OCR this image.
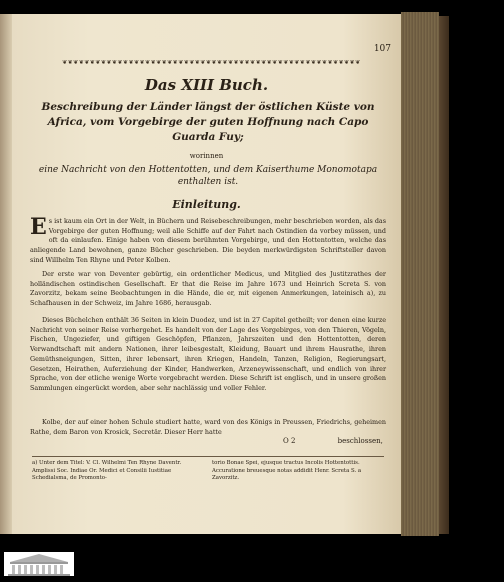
107
❦❦❦❦❦❦❦❦❦❦❦❦❦❦❦❦❦❦❦❦❦❦❦❦❦❦❦❦❦❦❦❦❦❦❦❦❦❦❦❦❦❦❦❦❦❦❦❦❦❦❦❦❦❦
Das XIII Buch.
Beschreibung der Länder längst der östlichen Küste von Africa, vom Vorgebirge der guten Hoffnung nach Capo Guarda Fuy;
worinnen
eine Nachricht von den Hottentotten, und dem Kaiserthume Monomotapa enthalten ist.
Einleitung.
E s ist kaum ein Ort in der Welt, in Büchern und Reisebeschreibungen, mehr beschrieben worden, als das Vorgebirge der guten Hoffnung; weil alle Schiffe auf der Fahrt nach Ostindien da vorbey müssen, und oft da einlaufen. Einige haben von diesem berühmten Vorgebirge, und den Hottentotten, welche das anliegende Land bewohnen, ganze Bücher geschrieben. Die beyden merkwürdigsten Schriftsteller davon sind Willhelm Ten Rhyne und Peter Kolben.
Der erste war von Deventer gebürtig, ein ordentlicher Medicus, und Mitglied des Justitzrathes der holländischen ostindischen Gesellschaft. Er that die Reise im Jahre 1673 und Heinrich Screta S. von Zavorzitz, bekam seine Beobachtungen in die Hände, die er, mit eigenen Anmerkungen, lateinisch a), zu Schafhausen in der Schweiz, im Jahre 1686, herausgab.
Dieses Büchelchen enthält 36 Seiten in klein Duodez, und ist in 27 Capitel getheilt; vor denen eine kurze Nachricht von seiner Reise vorhergehet. Es handelt von der Lage des Vorgebirges, von den Thieren, Vögeln, Fischen, Ungeziefer, und giftigen Geschöpfen, Pflanzen, Jahrszeiten und den Hottentotten, deren Verwandtschaft mit andern Nationen, ihrer leibesgestalt, Kleidung, Bauart und ihrem Hausrathe, ihren Gemüthsneigungen, Sitten, ihrer lebensart, ihren Kriegen, Handeln, Tanzen, Religion, Regierungsart, Gesetzen, Heirathen, Auferziehung der Kinder, Handwerken, Arzeneywissenschaft, und endlich von ihrer Sprache, von der etliche wenige Worte vorgebracht werden. Diese Schrift ist englisch, und in unsere großen Sammlungen eingerückt worden, aber sehr nachlässig und voller Fehler.
Kolbe, der auf einer hohen Schule studiert hatte, ward von des Königs in Preussen, Friedrichs, geheimen Rathe, dem Baron von Krosick, Secretär. Dieser Herr hatte
O 2	beschlossen,
a) Unter dem Titel: V. Cl. Wilhelmi Ten Rhyne Daventr. Amplissi Soc. Indiae Or. Medici et Consilii Iustitiae Schedialsma, de Promonto-
torio Bonae Spei, ejusque tractus Incolis Hottentottis. Accuratione breuesque notas addidit Henr. Screta S. a Zavorzitz.
